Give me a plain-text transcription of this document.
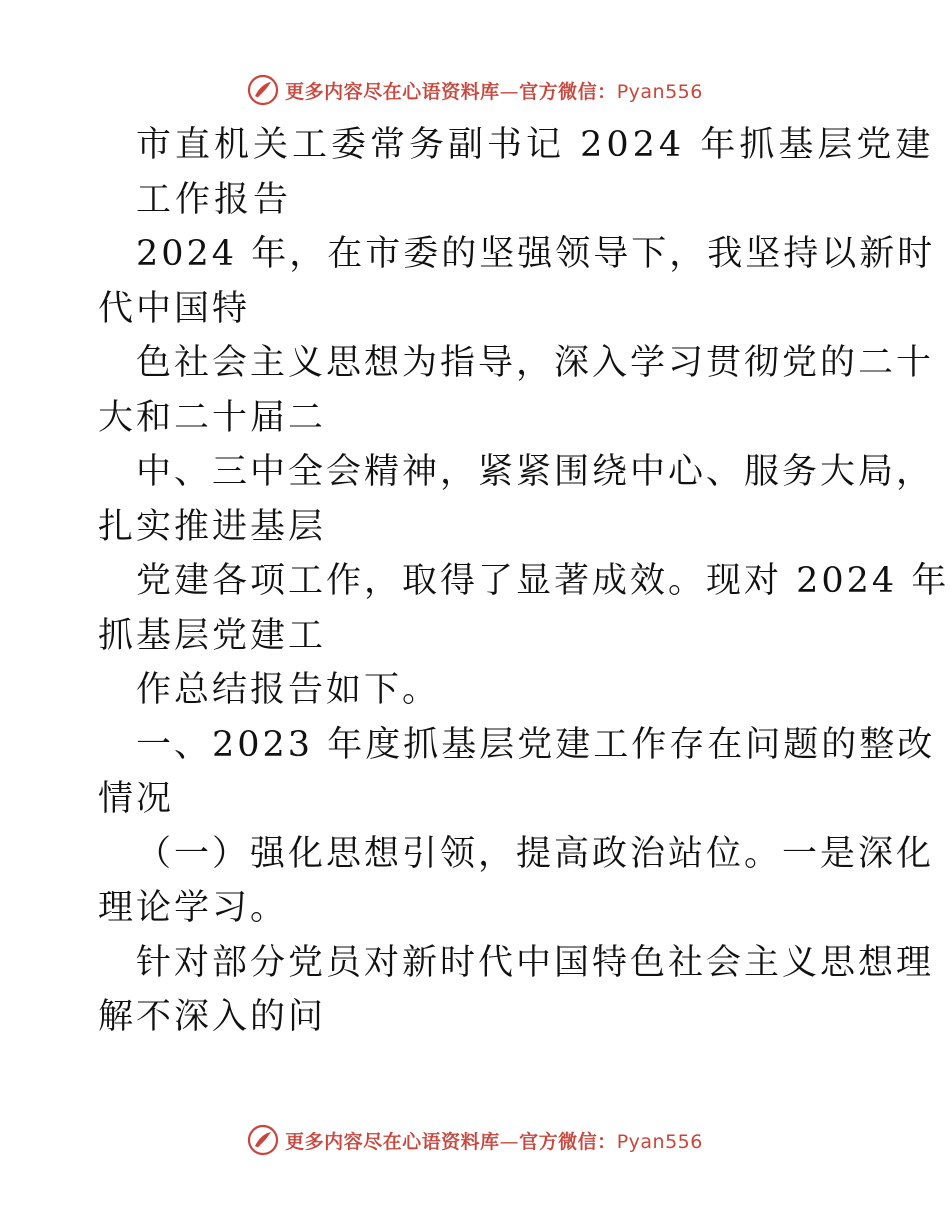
更多内容尽在心语资料库—官方微信：Pyan556
市直机关工委常务副书记 2024 年抓基层党建
工作报告
2024 年，在市委的坚强领导下，我坚持以新时
代中国特
色社会主义思想为指导，深入学习贯彻党的二十
大和二十届二
中、三中全会精神，紧紧围绕中心、服务大局，
扎实推进基层
党建各项工作，取得了显著成效。现对 2024 年
抓基层党建工
作总结报告如下。
一、2023 年度抓基层党建工作存在问题的整改
情况
（一）强化思想引领，提高政治站位。一是深化
理论学习。
针对部分党员对新时代中国特色社会主义思想理
解不深入的问
更多内容尽在心语资料库—官方微信：Pyan556
